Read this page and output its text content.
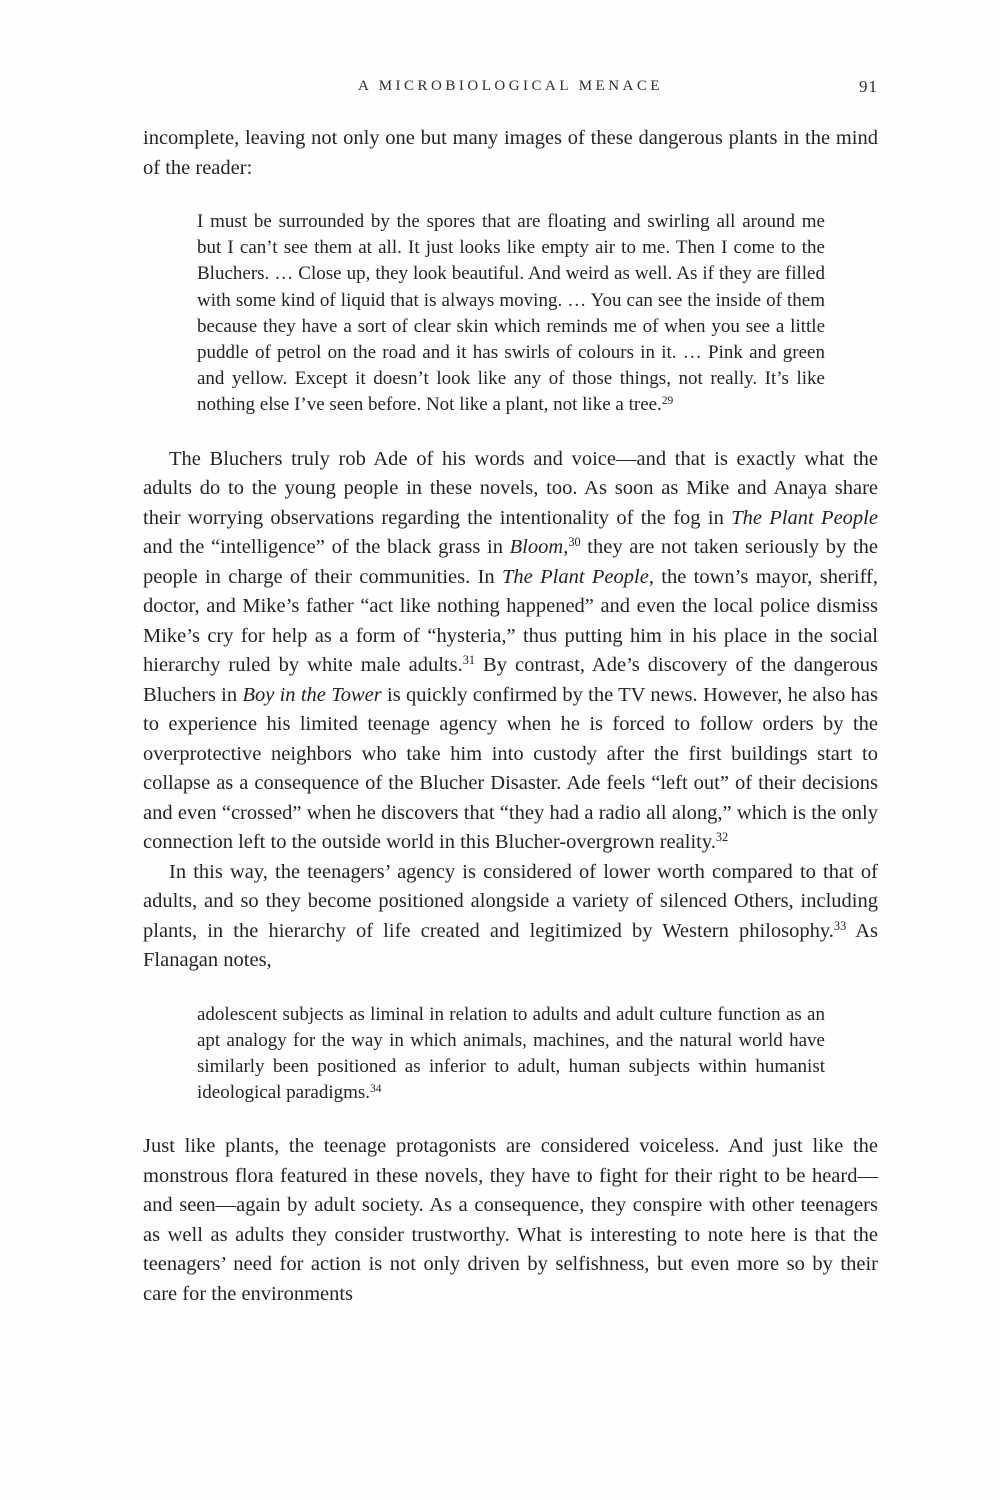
A MICROBIOLOGICAL MENACE	91

incomplete, leaving not only one but many images of these dangerous plants in the mind of the reader:

I must be surrounded by the spores that are floating and swirling all around me but I can’t see them at all. It just looks like empty air to me. Then I come to the Bluchers. … Close up, they look beautiful. And weird as well. As if they are filled with some kind of liquid that is always moving. … You can see the inside of them because they have a sort of clear skin which reminds me of when you see a little puddle of petrol on the road and it has swirls of colours in it. … Pink and green and yellow. Except it doesn’t look like any of those things, not really. It’s like nothing else I’ve seen before. Not like a plant, not like a tree.$^{29}$

The Bluchers truly rob Ade of his words and voice—and that is exactly what the adults do to the young people in these novels, too. As soon as Mike and Anaya share their worrying observations regarding the intentionality of the fog in The Plant People and the “intelligence” of the black grass in Bloom,$^{30}$ they are not taken seriously by the people in charge of their communities. In The Plant People, the town’s mayor, sheriff, doctor, and Mike’s father “act like nothing happened” and even the local police dismiss Mike’s cry for help as a form of “hysteria,” thus putting him in his place in the social hierarchy ruled by white male adults.$^{31}$ By contrast, Ade’s discovery of the dangerous Bluchers in Boy in the Tower is quickly confirmed by the TV news. However, he also has to experience his limited teenage agency when he is forced to follow orders by the overprotective neighbors who take him into custody after the first buildings start to collapse as a consequence of the Blucher Disaster. Ade feels “left out” of their decisions and even “crossed” when he discovers that “they had a radio all along,” which is the only connection left to the outside world in this Blucher-overgrown reality.$^{32}$

In this way, the teenagers’ agency is considered of lower worth compared to that of adults, and so they become positioned alongside a variety of silenced Others, including plants, in the hierarchy of life created and legitimized by Western philosophy.$^{33}$ As Flanagan notes,

adolescent subjects as liminal in relation to adults and adult culture function as an apt analogy for the way in which animals, machines, and the natural world have similarly been positioned as inferior to adult, human subjects within humanist ideological paradigms.$^{34}$

Just like plants, the teenage protagonists are considered voiceless. And just like the monstrous flora featured in these novels, they have to fight for their right to be heard—and seen—again by adult society. As a consequence, they conspire with other teenagers as well as adults they consider trustworthy. What is interesting to note here is that the teenagers’ need for action is not only driven by selfishness, but even more so by their care for the environments
